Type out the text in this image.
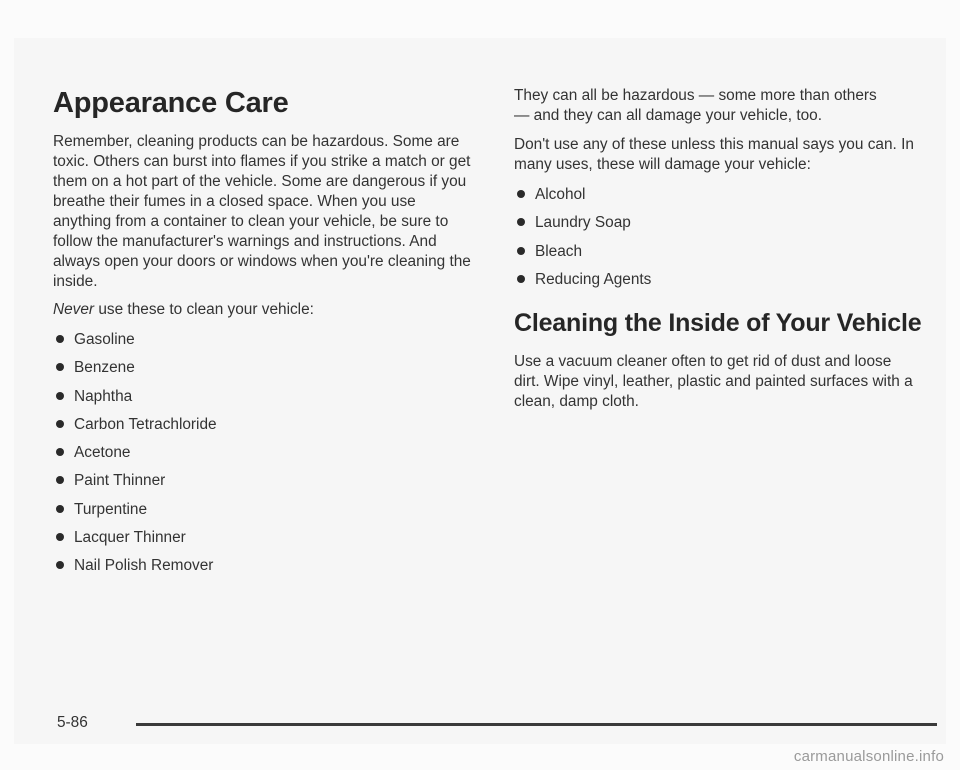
Appearance Care

Remember, cleaning products can be hazardous. Some are toxic. Others can burst into flames if you strike a match or get them on a hot part of the vehicle. Some are dangerous if you breathe their fumes in a closed space. When you use anything from a container to clean your vehicle, be sure to follow the manufacturer's warnings and instructions. And always open your doors or windows when you're cleaning the inside.

Never use these to clean your vehicle:

Gasoline
Benzene
Naphtha
Carbon Tetrachloride
Acetone
Paint Thinner
Turpentine
Lacquer Thinner
Nail Polish Remover

They can all be hazardous — some more than others — and they can all damage your vehicle, too.

Don't use any of these unless this manual says you can. In many uses, these will damage your vehicle:

Alcohol
Laundry Soap
Bleach
Reducing Agents
Cleaning the Inside of Your Vehicle

Use a vacuum cleaner often to get rid of dust and loose dirt. Wipe vinyl, leather, plastic and painted surfaces with a clean, damp cloth.

5-86
carmanualsonline.info
